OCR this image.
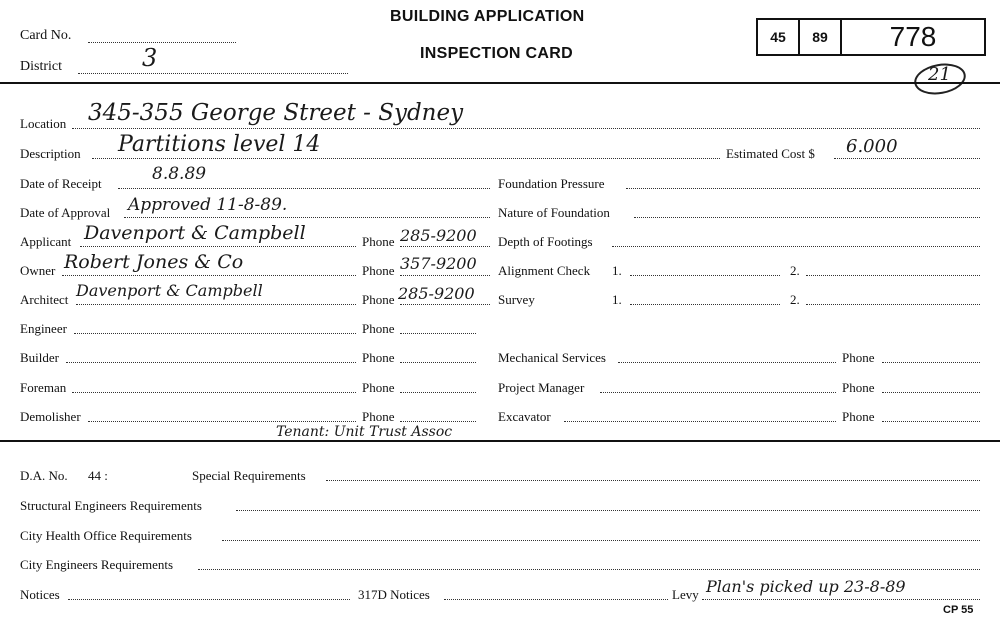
Card No.
District	3
BUILDING APPLICATION
INSPECTION CARD
45	89	778
21
Location 345-355 George Street - Sydney
Description Partitions level 14	Estimated Cost $ 6.000
Date of Receipt	8.8.89
Date of Approval Approved 11-8-89.
Applicant Davenport & Campbell	Phone 285-9200
Owner Robert Jones & Co	Phone 357-9200
Architect Davenport & Campbell	Phone 285-9200
Engineer	Phone
Builder	Phone
Foreman	Phone
Demolisher	Phone
Foundation Pressure
Nature of Foundation
Depth of Footings
Alignment Check 1.	2.
Survey	1.	2.
Mechanical Services	Phone
Project Manager	Phone
Excavator	Phone
Tenant: Unit Trust Assoc
D.A. No. 44 :	Special Requirements
Structural Engineers Requirements
City Health Office Requirements
City Engineers Requirements
Notices	317D Notices	Levy Plan's picked up 23-8-89
CP 55
